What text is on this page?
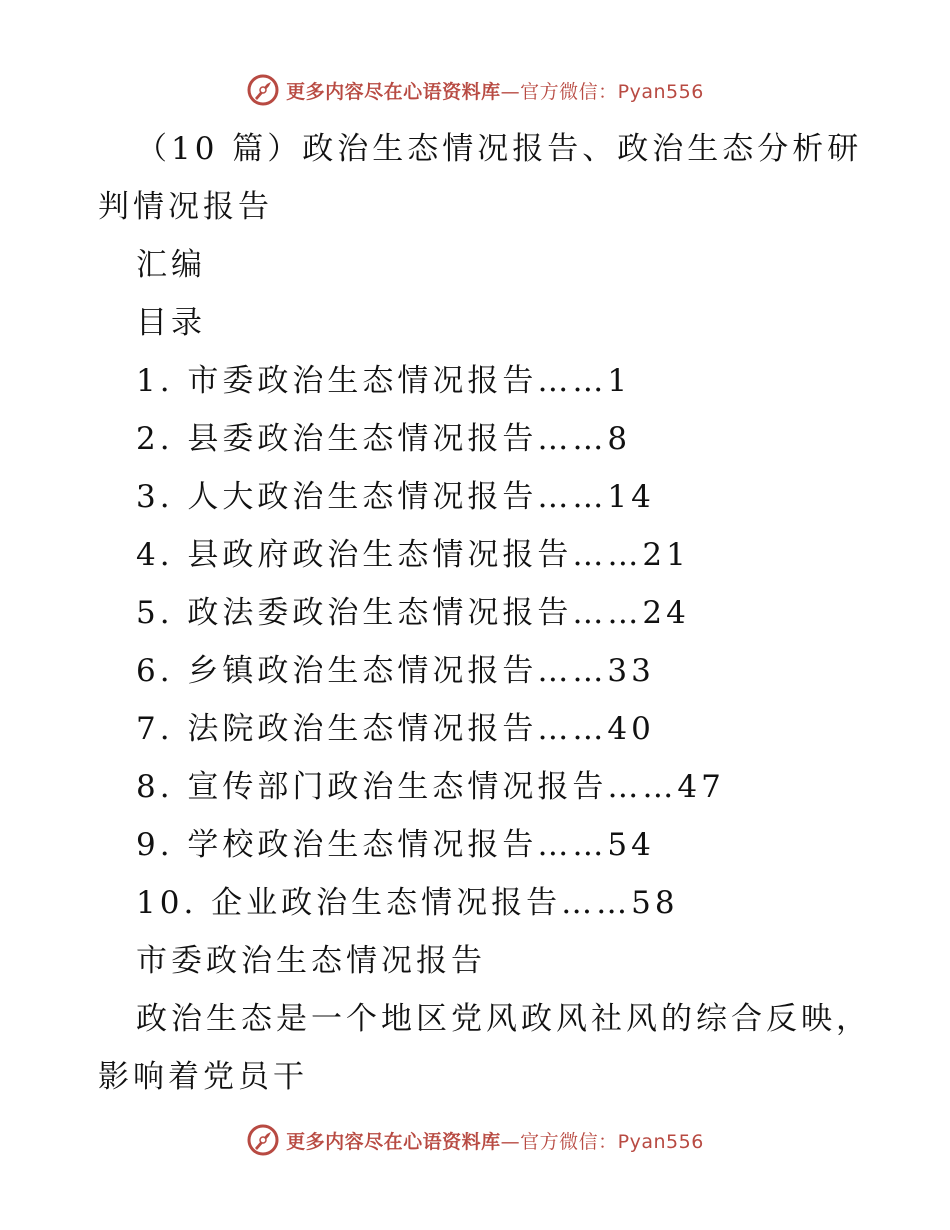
更多内容尽在心语资料库—官方微信：Pyan556
（10 篇）政治生态情况报告、政治生态分析研
判情况报告
汇编
目录
1. 市委政治生态情况报告……1
2. 县委政治生态情况报告……8
3. 人大政治生态情况报告……14
4. 县政府政治生态情况报告……21
5. 政法委政治生态情况报告……24
6. 乡镇政治生态情况报告……33
7. 法院政治生态情况报告……40
8. 宣传部门政治生态情况报告……47
9. 学校政治生态情况报告……54
10. 企业政治生态情况报告……58
市委政治生态情况报告
政治生态是一个地区党风政风社风的综合反映，
影响着党员干
更多内容尽在心语资料库—官方微信：Pyan556
